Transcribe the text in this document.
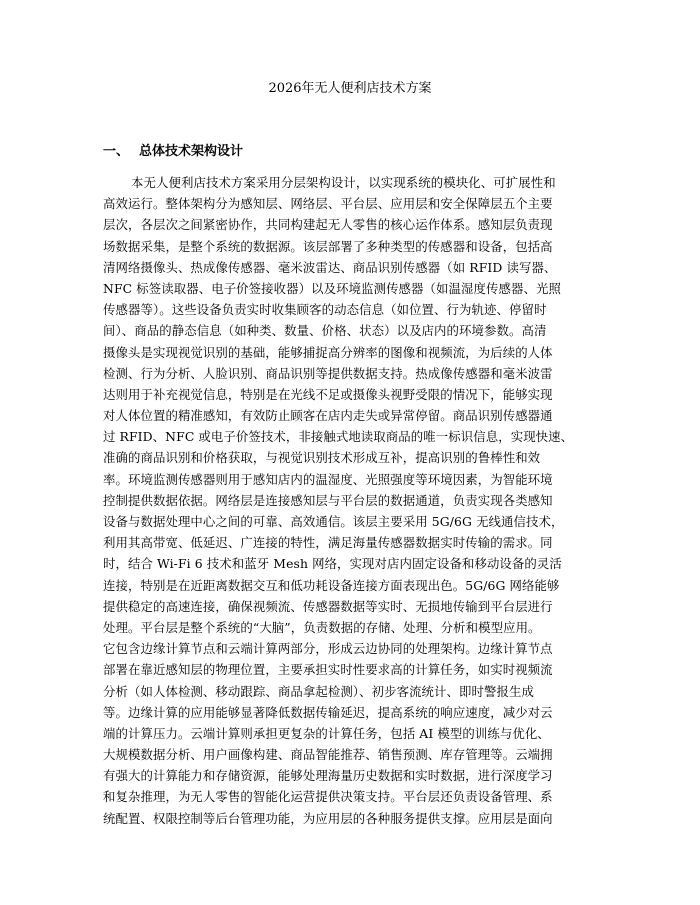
2026年无人便利店技术方案
一、 总体技术架构设计
本无人便利店技术方案采用分层架构设计，以实现系统的模块化、可扩展性和
高效运行。整体架构分为感知层、网络层、平台层、应用层和安全保障层五个主要
层次，各层次之间紧密协作，共同构建起无人零售的核心运作体系。感知层负责现
场数据采集，是整个系统的数据源。该层部署了多种类型的传感器和设备，包括高
清网络摄像头、热成像传感器、毫米波雷达、商品识别传感器（如 RFID 读写器、
NFC 标签读取器、电子价签接收器）以及环境监测传感器（如温湿度传感器、光照
传感器等）。这些设备负责实时收集顾客的动态信息（如位置、行为轨迹、停留时
间）、商品的静态信息（如种类、数量、价格、状态）以及店内的环境参数。高清
摄像头是实现视觉识别的基础，能够捕捉高分辨率的图像和视频流，为后续的人体
检测、行为分析、人脸识别、商品识别等提供数据支持。热成像传感器和毫米波雷
达则用于补充视觉信息，特别是在光线不足或摄像头视野受限的情况下，能够实现
对人体位置的精准感知，有效防止顾客在店内走失或异常停留。商品识别传感器通
过 RFID、NFC 或电子价签技术，非接触式地读取商品的唯一标识信息，实现快速、
准确的商品识别和价格获取，与视觉识别技术形成互补，提高识别的鲁棒性和效
率。环境监测传感器则用于感知店内的温湿度、光照强度等环境因素，为智能环境
控制提供数据依据。网络层是连接感知层与平台层的数据通道，负责实现各类感知
设备与数据处理中心之间的可靠、高效通信。该层主要采用 5G/6G 无线通信技术，
利用其高带宽、低延迟、广连接的特性，满足海量传感器数据实时传输的需求。同
时，结合 Wi-Fi 6 技术和蓝牙 Mesh 网络，实现对店内固定设备和移动设备的灵活
连接，特别是在近距离数据交互和低功耗设备连接方面表现出色。5G/6G 网络能够
提供稳定的高速连接，确保视频流、传感器数据等实时、无损地传输到平台层进行
处理。平台层是整个系统的“大脑”，负责数据的存储、处理、分析和模型应用。
它包含边缘计算节点和云端计算两部分，形成云边协同的处理架构。边缘计算节点
部署在靠近感知层的物理位置，主要承担实时性要求高的计算任务，如实时视频流
分析（如人体检测、移动跟踪、商品拿起检测）、初步客流统计、即时警报生成
等。边缘计算的应用能够显著降低数据传输延迟，提高系统的响应速度，减少对云
端的计算压力。云端计算则承担更复杂的计算任务，包括 AI 模型的训练与优化、
大规模数据分析、用户画像构建、商品智能推荐、销售预测、库存管理等。云端拥
有强大的计算能力和存储资源，能够处理海量历史数据和实时数据，进行深度学习
和复杂推理，为无人零售的智能化运营提供决策支持。平台层还负责设备管理、系
统配置、权限控制等后台管理功能，为应用层的各种服务提供支撑。应用层是面向
